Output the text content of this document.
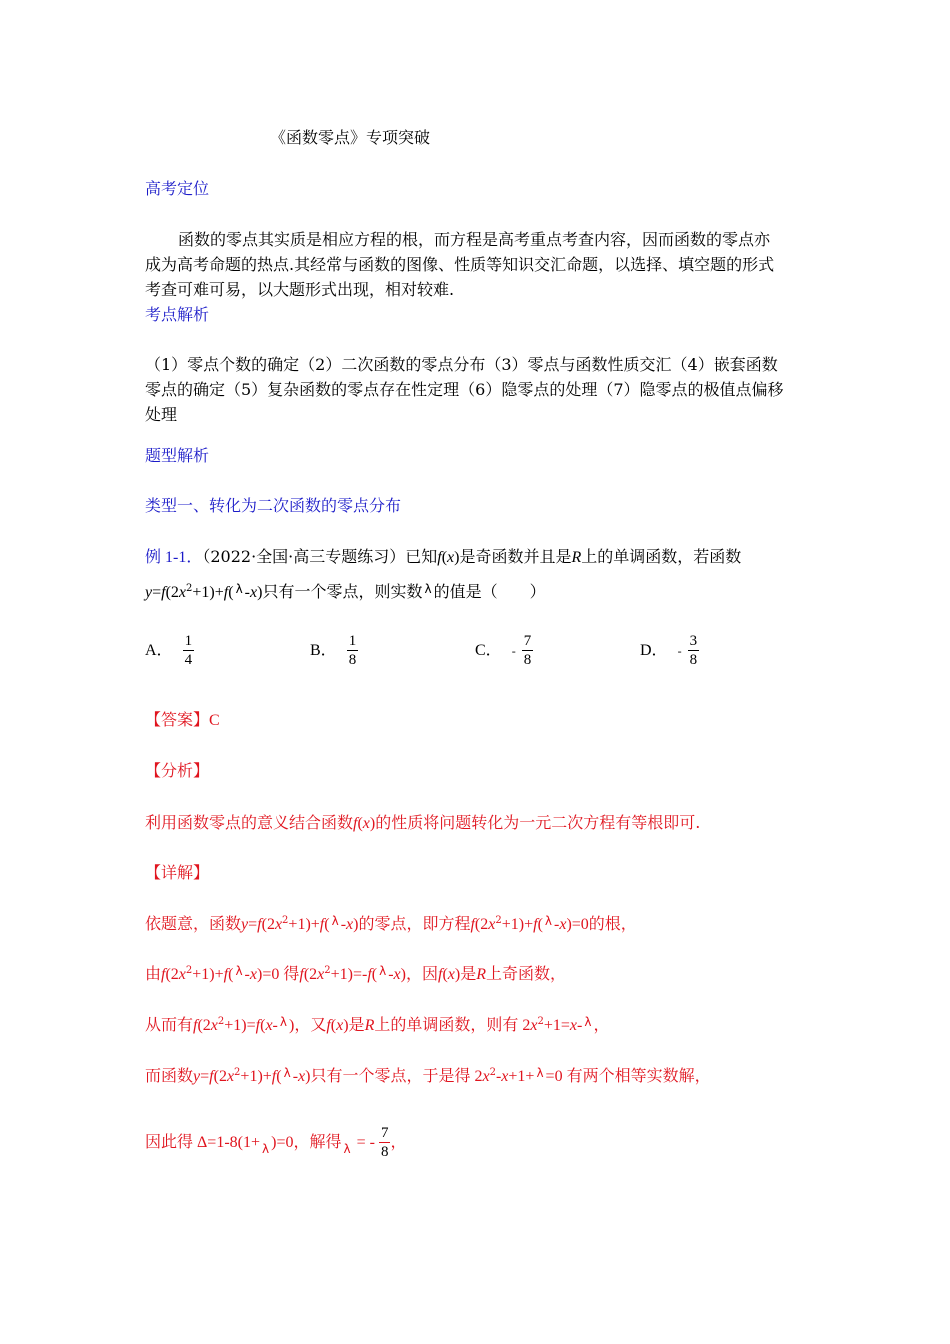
《函数零点》专项突破
高考定位
函数的零点其实质是相应方程的根，而方程是高考重点考查内容，因而函数的零点亦
成为高考命题的热点.其经常与函数的图像、性质等知识交汇命题，以选择、填空题的形式
考查可难可易，以大题形式出现，相对较难.
考点解析
（1）零点个数的确定（2）二次函数的零点分布（3）零点与函数性质交汇（4）嵌套函数
零点的确定（5）复杂函数的零点存在性定理（6）隐零点的处理（7）隐零点的极值点偏移
处理
题型解析
类型一、转化为二次函数的零点分布
例 1-1．（2022·全国·高三专题练习）已知f(x)是奇函数并且是R上的单调函数，若函数
$y=f(2x^2+1)+f$( $^\lambda$ -x)只有一个零点，则实数 $^\lambda$ 的值是（　　）
A． $\frac{1}{4}$	B． $\frac{1}{8}$	C． - $\frac{7}{8}$	D． - $\frac{3}{8}$
【答案】C
【分析】
利用函数零点的意义结合函数f(x)的性质将问题转化为一元二次方程有等根即可.
【详解】
依题意，函数$y=f(2x^2+1)+f$( $^\lambda$ -x)的零点，即方程$f(2x^2+1)+f$( $^\lambda$ -x)=0的根，
由$f(2x^2+1)+f$( $^\lambda$ -x)=0 得$f(2x^2+1)=-f$( $^\lambda$ -x)，因f(x)是R上奇函数，
从而有$f(2x^2+1)=f(x-$ $^\lambda$ )，又f(x)是R上的单调函数，则有 $2x^2+1=x-$ $^\lambda$ ，
而函数$y=f(2x^2+1)+f$( $^\lambda$ -x)只有一个零点，于是得 $2x^2-x+1+ ^\lambda =0$ 有两个相等实数解，
因此得 Δ=1-8(1+ $_\lambda$ )=0，解得 $_\lambda$ = - $\frac{7}{8}$ ，
